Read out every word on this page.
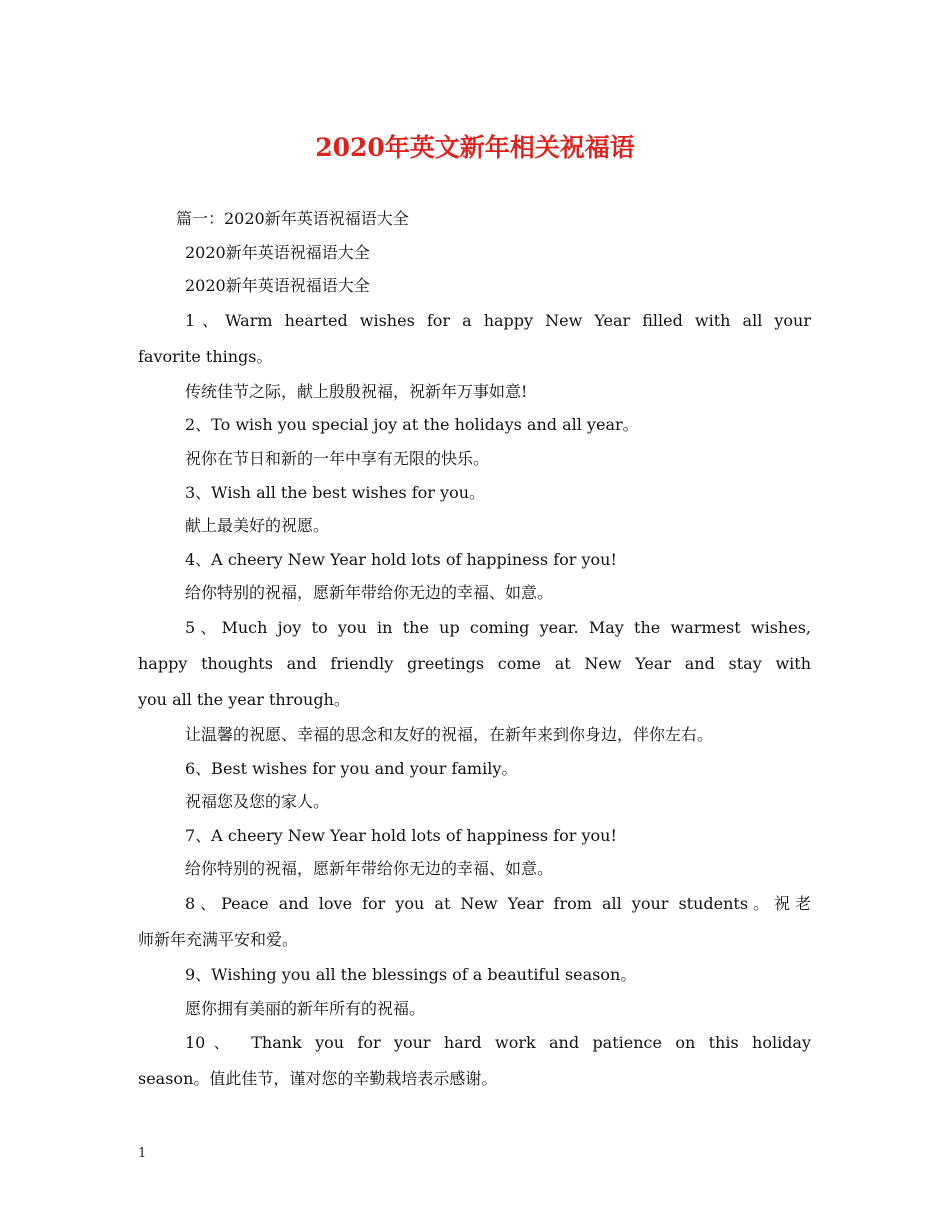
2020年英文新年相关祝福语
篇一：2020新年英语祝福语大全
2020新年英语祝福语大全
2020新年英语祝福语大全
1、Warm hearted wishes for a happy New Year filled with all your
favorite things。
传统佳节之际，献上殷殷祝福，祝新年万事如意!
2、To wish you special joy at the holidays and all year。
祝你在节日和新的一年中享有无限的快乐。
3、Wish all the best wishes for you。
献上最美好的祝愿。
4、A cheery New Year hold lots of happiness for you!
给你特别的祝福，愿新年带给你无边的幸福、如意。
5、Much joy to you in the up coming year. May the warmest wishes,
happy thoughts and friendly greetings come at New Year and stay with
you all the year through。
让温馨的祝愿、幸福的思念和友好的祝福，在新年来到你身边，伴你左右。
6、Best wishes for you and your family。
祝福您及您的家人。
7、A cheery New Year hold lots of happiness for you!
给你特别的祝福，愿新年带给你无边的幸福、如意。
8、Peace and love for you at New Year from all your students。祝老
师新年充满平安和爱。
9、Wishing you all the blessings of a beautiful season。
愿你拥有美丽的新年所有的祝福。
10、 Thank you for your hard work and patience on this holiday
season。值此佳节，谨对您的辛勤栽培表示感谢。
1
